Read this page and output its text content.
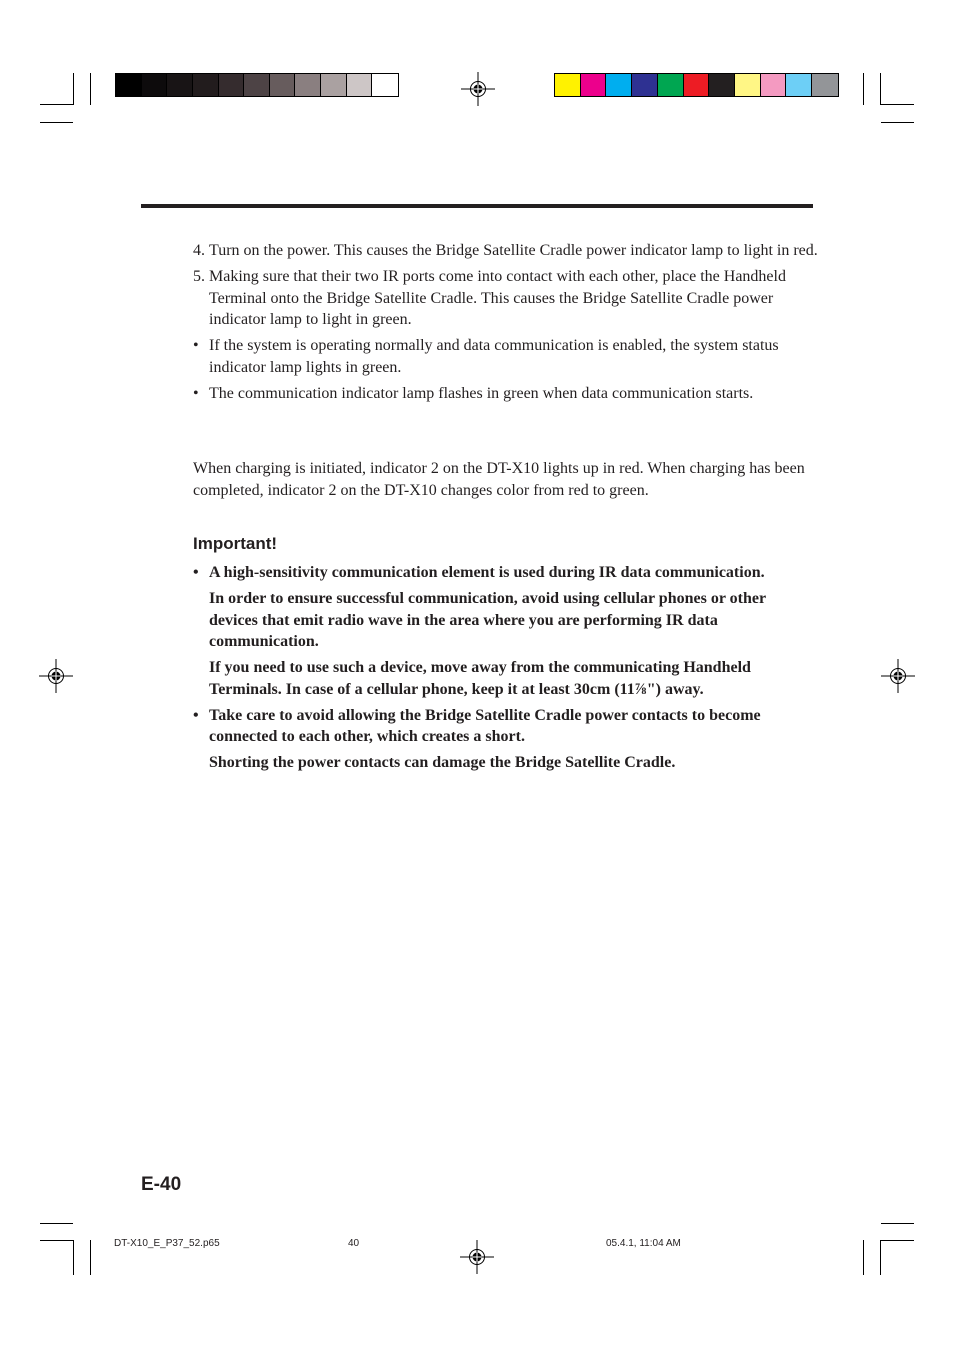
4. Turn on the power. This causes the Bridge Satellite Cradle power indicator lamp to light in red.
5. Making sure that their two IR ports come into contact with each other, place the Handheld Terminal onto the Bridge Satellite Cradle. This causes the Bridge Satellite Cradle power indicator lamp to light in green.
• If the system is operating normally and data communication is enabled, the system status indicator lamp lights in green.
• The communication indicator lamp flashes in green when data communication starts.
When charging is initiated, indicator 2 on the DT-X10 lights up in red. When charging has been completed, indicator 2 on the DT-X10 changes color from red to green.
Important!
• A high-sensitivity communication element is used during IR data communication.

In order to ensure successful communication, avoid using cellular phones or other devices that emit radio wave in the area where you are performing IR data communication.

If you need to use such a device, move away from the communicating Handheld Terminals. In case of a cellular phone, keep it at least 30cm (11⅞") away.

• Take care to avoid allowing the Bridge Satellite Cradle power contacts to become connected to each other, which creates a short.

Shorting the power contacts can damage the Bridge Satellite Cradle.

E-40
DT-X10_E_P37_52.p65	40	05.4.1, 11:04 AM
